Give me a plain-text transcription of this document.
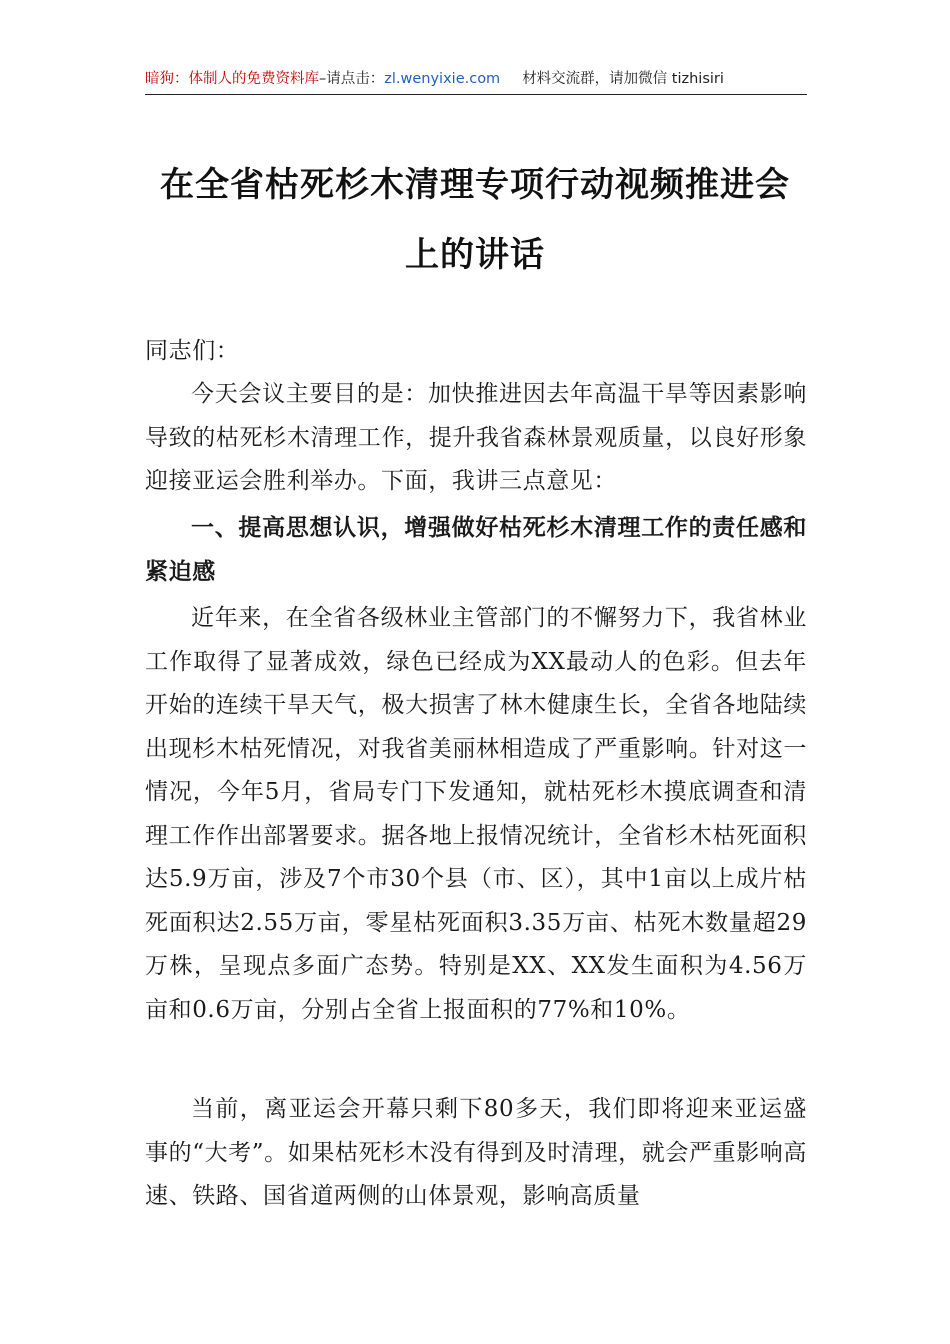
暗狗：体制人的免费资料库–请点击：zl.wenyixie.com 材料交流群，请加微信 tizhisiri
在全省枯死杉木清理专项行动视频推进会
上的讲话
同志们：
今天会议主要目的是：加快推进因去年高温干旱等因素影响导致的枯死杉木清理工作，提升我省森林景观质量，以良好形象迎接亚运会胜利举办。下面，我讲三点意见：
一、提高思想认识，增强做好枯死杉木清理工作的责任感和紧迫感
近年来，在全省各级林业主管部门的不懈努力下，我省林业工作取得了显著成效，绿色已经成为XX最动人的色彩。但去年开始的连续干旱天气，极大损害了林木健康生长，全省各地陆续出现杉木枯死情况，对我省美丽林相造成了严重影响。针对这一情况，今年5月，省局专门下发通知，就枯死杉木摸底调查和清理工作作出部署要求。据各地上报情况统计，全省杉木枯死面积达5.9万亩，涉及7个市30个县（市、区），其中1亩以上成片枯死面积达2.55万亩，零星枯死面积3.35万亩、枯死木数量超29万株，呈现点多面广态势。特别是XX、XX发生面积为4.56万亩和0.6万亩，分别占全省上报面积的77%和10%。
当前，离亚运会开幕只剩下80多天，我们即将迎来亚运盛事的“大考”。如果枯死杉木没有得到及时清理，就会严重影响高速、铁路、国省道两侧的山体景观，影响高质量
